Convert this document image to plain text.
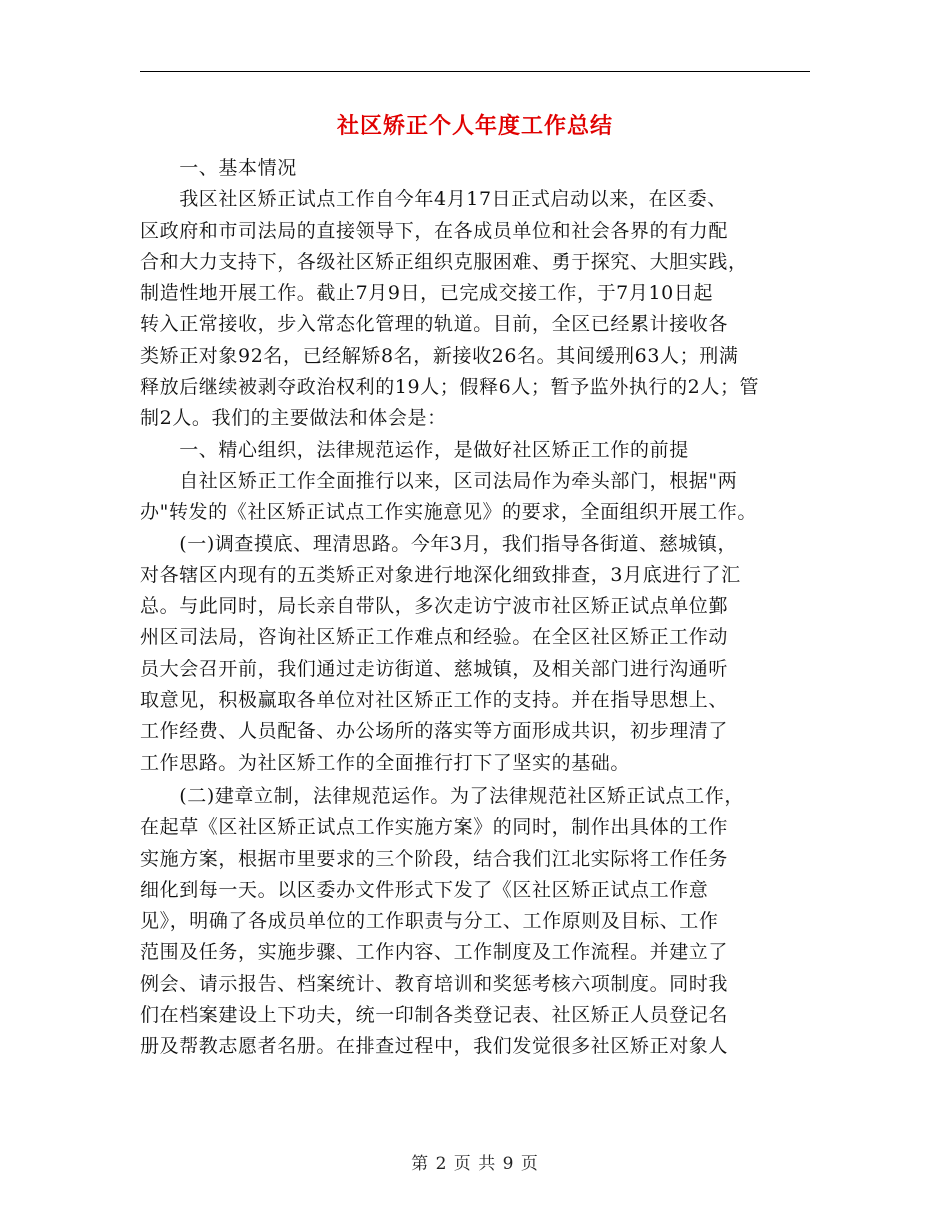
社区矫正个人年度工作总结
　　一、基本情况
　　我区社区矫正试点工作自今年4月17日正式启动以来，在区委、
区政府和市司法局的直接领导下，在各成员单位和社会各界的有力配
合和大力支持下，各级社区矫正组织克服困难、勇于探究、大胆实践，
制造性地开展工作。截止7月9日，已完成交接工作，于7月10日起
转入正常接收，步入常态化管理的轨道。目前，全区已经累计接收各
类矫正对象92名，已经解矫8名，新接收26名。其间缓刑63人；刑满
释放后继续被剥夺政治权利的19人；假释6人；暂予监外执行的2人；管
制2人。我们的主要做法和体会是：
　　一、精心组织，法律规范运作，是做好社区矫正工作的前提
　　自社区矫正工作全面推行以来，区司法局作为牵头部门，根据"两
办"转发的《社区矫正试点工作实施意见》的要求，全面组织开展工作。
　　(一)调查摸底、理清思路。今年3月，我们指导各街道、慈城镇，
对各辖区内现有的五类矫正对象进行地深化细致排查，3月底进行了汇
总。与此同时，局长亲自带队，多次走访宁波市社区矫正试点单位鄞
州区司法局，咨询社区矫正工作难点和经验。在全区社区矫正工作动
员大会召开前，我们通过走访街道、慈城镇，及相关部门进行沟通听
取意见，积极赢取各单位对社区矫正工作的支持。并在指导思想上、
工作经费、人员配备、办公场所的落实等方面形成共识，初步理清了
工作思路。为社区矫工作的全面推行打下了坚实的基础。
　　(二)建章立制，法律规范运作。为了法律规范社区矫正试点工作，
在起草《区社区矫正试点工作实施方案》的同时，制作出具体的工作
实施方案，根据市里要求的三个阶段，结合我们江北实际将工作任务
细化到每一天。以区委办文件形式下发了《区社区矫正试点工作意
见》，明确了各成员单位的工作职责与分工、工作原则及目标、工作
范围及任务，实施步骤、工作内容、工作制度及工作流程。并建立了
例会、请示报告、档案统计、教育培训和奖惩考核六项制度。同时我
们在档案建设上下功夫，统一印制各类登记表、社区矫正人员登记名
册及帮教志愿者名册。在排查过程中，我们发觉很多社区矫正对象人
第 2 页 共 9 页
